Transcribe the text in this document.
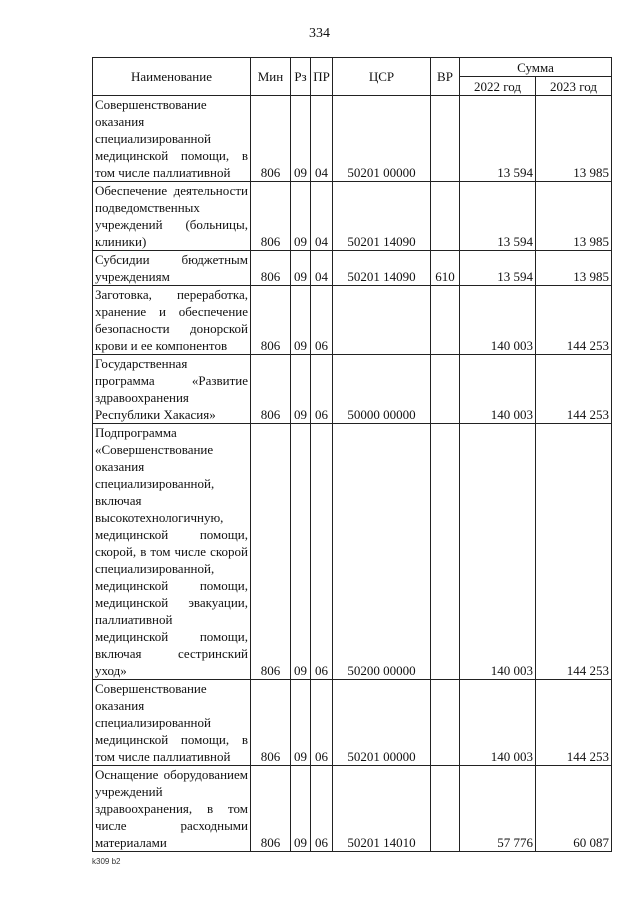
334
Наименование	Мин	Рз	ПР	ЦСР	ВР	Сумма	
						2022 год	2023 год
Совершенствование оказания специализированной медицинской помощи, в том числе паллиативной	806	09	04	50201 00000		13 594	13 985
Обеспечение деятельности подведомственных учреждений (больницы, клиники)	806	09	04	50201 14090		13 594	13 985
Субсидии бюджетным учреждениям	806	09	04	50201 14090	610	13 594	13 985
Заготовка, переработка, хранение и обеспечение безопасности донорской крови и ее компонентов	806	09	06			140 003	144 253
Государственная программа «Развитие здравоохранения Республики Хакасия»	806	09	06	50000 00000		140 003	144 253
Подпрограмма «Совершенствование оказания специализированной, включая высокотехнологичную, медицинской помощи, скорой, в том числе скорой специализированной, медицинской помощи, медицинской эвакуации, паллиативной медицинской помощи, включая сестринский уход»	806	09	06	50200 00000		140 003	144 253
Совершенствование оказания специализированной медицинской помощи, в том числе паллиативной	806	09	06	50201 00000		140 003	144 253
Оснащение оборудованием учреждений здравоохранения, в том числе расходными материалами	806	09	06	50201 14010		57 776	60 087
k309 b2
